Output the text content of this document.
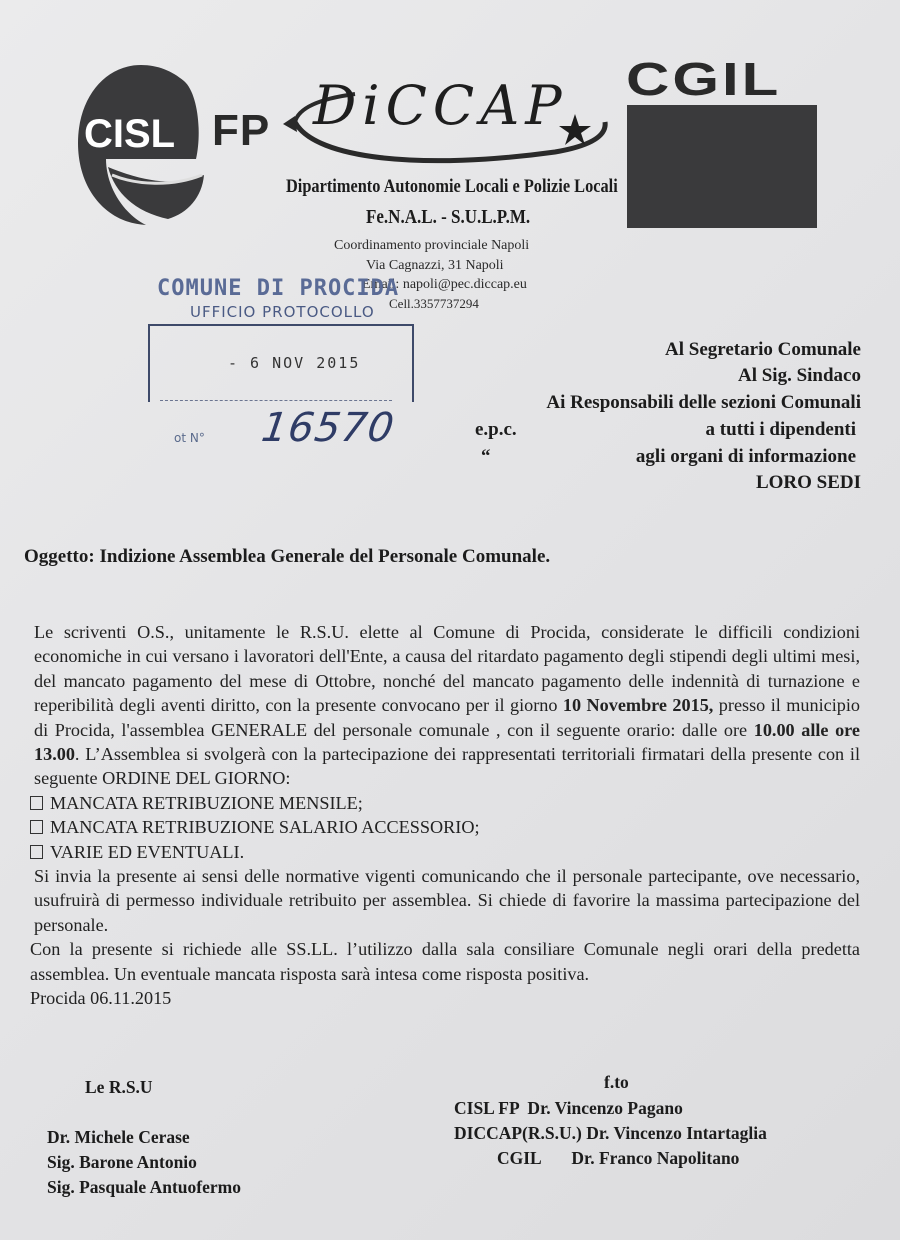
CISL FP DiCCAP
Dipartimento Autonomie Locali e Polizie Locali
Fe.N.A.L. - S.U.L.P.M.
Coordinamento provinciale Napoli
Via Cagnazzi, 31 Napoli
Email: napoli@pec.diccap.eu
Cell.3357737294
CGIL
COMUNE DI PROCIDA
UFFICIO PROTOCOLLO
- 6 NOV 2015
ot N° 16570
Al Segretario Comunale
Al Sig. Sindaco
Ai Responsabili delle sezioni Comunali
e.p.c.	a tutti i dipendenti
“	agli organi di informazione
LORO SEDI
Oggetto: Indizione Assemblea Generale del Personale Comunale.

Le scriventi O.S., unitamente le R.S.U. elette al Comune di Procida, considerate le difficili condizioni economiche in cui versano i lavoratori dell'Ente, a causa del ritardato pagamento degli stipendi degli ultimi mesi, del mancato pagamento del mese di Ottobre, nonché del mancato pagamento delle indennità di turnazione e reperibilità degli aventi diritto, con la presente convocano per il giorno 10 Novembre 2015, presso il municipio di Procida, l'assemblea GENERALE del personale comunale , con il seguente orario: dalle ore 10.00 alle ore 13.00. L’Assemblea si svolgerà con la partecipazione dei rappresentati territoriali firmatari della presente con il seguente ORDINE DEL GIORNO:

MANCATA RETRIBUZIONE MENSILE;
MANCATA RETRIBUZIONE SALARIO ACCESSORIO;
VARIE ED EVENTUALI.

Si invia la presente ai sensi delle normative vigenti comunicando che il personale partecipante, ove necessario, usufruirà di permesso individuale retribuito per assemblea. Si chiede di favorire la massima partecipazione del personale.

Con la presente si richiede alle SS.LL. l’utilizzo dalla sala consiliare Comunale negli orari della predetta assemblea. Un eventuale mancata risposta sarà intesa come risposta positiva.

Procida 06.11.2015

Le R.S.U
Dr. Michele Cerase
Sig. Barone Antonio
Sig. Pasquale Antuofermo
f.to
CISL FP  Dr. Vincenzo Pagano
DICCAP(R.S.U.) Dr. Vincenzo Intartaglia
CGIL       Dr. Franco Napolitano
